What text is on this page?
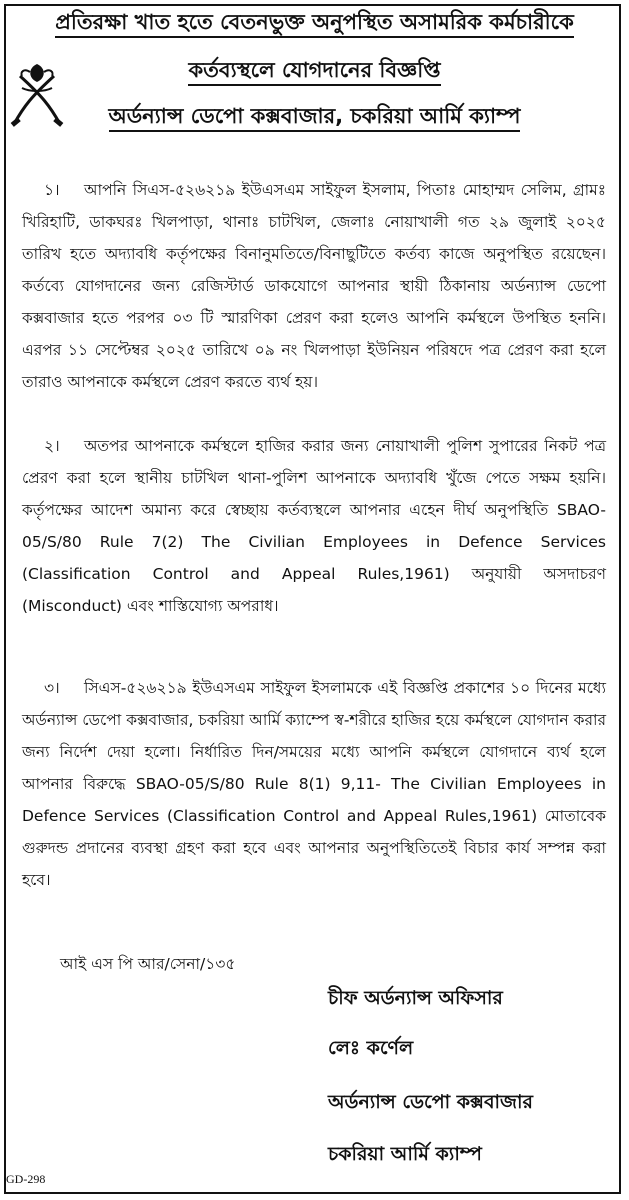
প্রতিরক্ষা খাত হতে বেতনভুক্ত অনুপস্থিত অসামরিক কর্মচারীকে
কর্তব্যস্থলে যোগদানের বিজ্ঞপ্তি
অর্ডন্যান্স ডেপো কক্সবাজার, চকরিয়া আর্মি ক্যাম্প
১। আপনি সিএস-৫২৬২১৯ ইউএসএম সাইফুল ইসলাম, পিতাঃ মোহাম্মদ সেলিম, গ্রামঃ খিরিহাটি, ডাকঘরঃ খিলপাড়া, থানাঃ চাটখিল, জেলাঃ নোয়াখালী গত ২৯ জুলাই ২০২৫ তারিখ হতে অদ্যাবধি কর্তৃপক্ষের বিনানুমতিতে/বিনাছুটিতে কর্তব্য কাজে অনুপস্থিত রয়েছেন। কর্তব্যে যোগদানের জন্য রেজিস্টার্ড ডাকযোগে আপনার স্থায়ী ঠিকানায় অর্ডন্যান্স ডেপো কক্সবাজার হতে পরপর ০৩ টি স্মারণিকা প্রেরণ করা হলেও আপনি কর্মস্থলে উপস্থিত হননি। এরপর ১১ সেপ্টেম্বর ২০২৫ তারিখে ০৯ নং খিলপাড়া ইউনিয়ন পরিষদে পত্র প্রেরণ করা হলে তারাও আপনাকে কর্মস্থলে প্রেরণ করতে ব্যর্থ হয়।
২। অতপর আপনাকে কর্মস্থলে হাজির করার জন্য নোয়াখালী পুলিশ সুপারের নিকট পত্র প্রেরণ করা হলে স্থানীয় চাটখিল থানা-পুলিশ আপনাকে অদ্যাবধি খুঁজে পেতে সক্ষম হয়নি। কর্তৃপক্ষের আদেশ অমান্য করে স্বেচ্ছায় কর্তব্যস্থলে আপনার এহেন দীর্ঘ অনুপস্থিতি SBAO-05/S/80 Rule 7(2) The Civilian Employees in Defence Services (Classification Control and Appeal Rules,1961) অনুযায়ী অসদাচরণ (Misconduct) এবং শাস্তিযোগ্য অপরাধ।
৩। সিএস-৫২৬২১৯ ইউএসএম সাইফুল ইসলামকে এই বিজ্ঞপ্তি প্রকাশের ১০ দিনের মধ্যে অর্ডন্যান্স ডেপো কক্সবাজার, চকরিয়া আর্মি ক্যাম্পে স্ব-শরীরে হাজির হয়ে কর্মস্থলে যোগদান করার জন্য নির্দেশ দেয়া হলো। নির্ধারিত দিন/সময়ের মধ্যে আপনি কর্মস্থলে যোগদানে ব্যর্থ হলে আপনার বিরুদ্ধে SBAO-05/S/80 Rule 8(1) 9,11- The Civilian Employees in Defence Services (Classification Control and Appeal Rules,1961) মোতাবেক গুরুদন্ড প্রদানের ব্যবস্থা গ্রহণ করা হবে এবং আপনার অনুপস্থিতিতেই বিচার কার্য সম্পন্ন করা হবে।
আই এস পি আর/সেনা/১৩৫
চীফ অর্ডন্যান্স অফিসার
লেঃ কর্ণেল
অর্ডন্যান্স ডেপো কক্সবাজার
চকরিয়া আর্মি ক্যাম্প
GD-298
